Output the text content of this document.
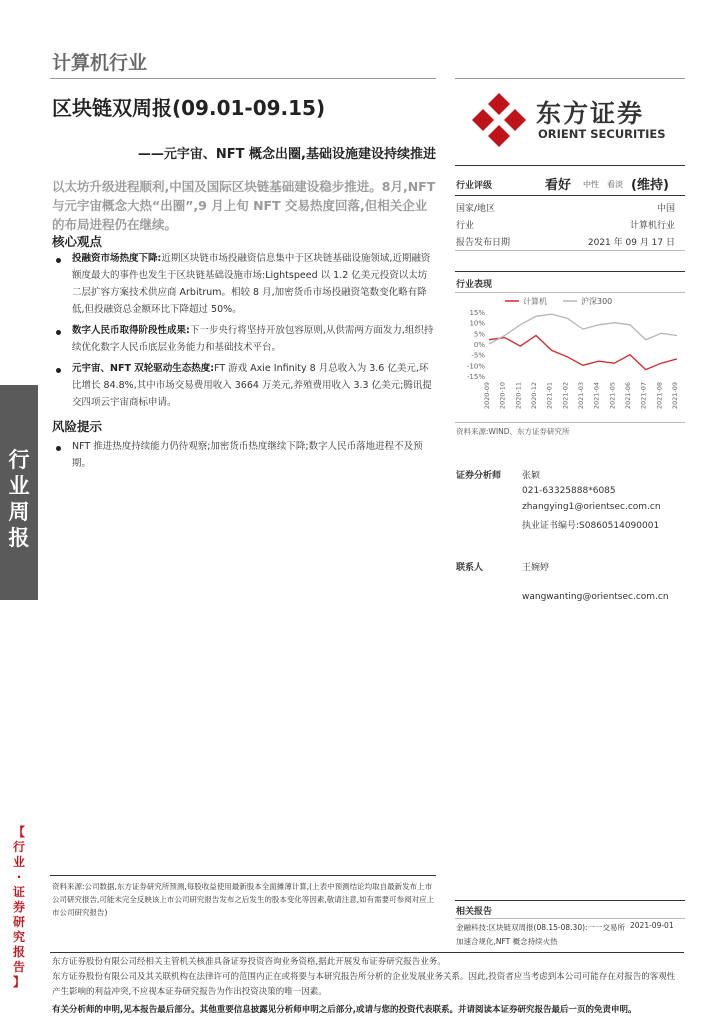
行
业
周
报
【
行
业
·
证
券
研
究
报
告
】
计算机行业
区块链双周报(09.01-09.15)
——元宇宙、NFT 概念出圈,基础设施建设持续推进
东方证券
ORIENT SECURITIES
以太坊升级进程顺利,中国及国际区块链基础建设稳步推进。8月,NFT 与元宇宙概念大热“出圈”,9 月上旬 NFT 交易热度回落,但相关企业的布局进程仍在继续。
核心观点
投融资市场热度下降:近期区块链市场投融资信息集中于区块链基础设施领域,近期融资额度最大的事件也发生于区块链基础设施市场:Lightspeed 以 1.2 亿美元投资以太坊二层扩容方案技术供应商 Arbitrum。相较 8 月,加密货币市场投融资笔数变化略有降低,但投融资总金额环比下降超过 50%。
数字人民币取得阶段性成果:下一步央行将坚持开放包容原则,从供需两方面发力,组织持续优化数字人民币底层业务能力和基础技术平台。
元宇宙、NFT 双轮驱动生态热度:FT 游戏 Axie Infinity 8 月总收入为 3.6 亿美元,环比增长 84.8%,其中市场交易费用收入 3664 万美元,养殖费用收入 3.3 亿美元;腾讯提交四项云宇宙商标申请。
风险提示
NFT 推进热度持续能力仍待观察;加密货币热度继续下降;数字人民币落地进程不及预期。
行业评级	看好 中性 看淡 (维持)
国家/地区	中国
行业	计算机行业
报告发布日期	2021 年 09 月 17 日
行业表现
计算机	沪深300
15%
10%
5%
0%
-5%
-10%
-15%
2020-09 2020-10 2020-11 2020-12 2021-01 2021-02 2021-03 2021-04 2021-05 2021-06 2021-07 2021-08 2021-09
资料来源:WIND、东方证券研究所
证券分析师 张颖
021-63325888*6085
zhangying1@orientsec.com.cn
执业证书编号:S0860514090001
联系人	王婉婷
wangwanting@orientsec.com.cn
资料来源:公司数据,东方证券研究所预测,每股收益使用最新股本全面摊薄计算,(上表中预测结论均取自最新发布上市公司研究报告,可能未完全反映该上市公司研究报告发布之后发生的股本变化等因素,敬请注意,如有需要可参阅对应上市公司研究报告)	相关报告
金融科技:区块链双周报(08.15-08.30):一一交易所加速合规化,NFT 概念持续火热
2021-09-01
东方证券股份有限公司经相关主管机关核准具备证券投资咨询业务资格,据此开展发布证券研究报告业务。
东方证券股份有限公司及其关联机构在法律许可的范围内正在或将要与本研究报告所分析的企业发展业务关系。因此,投资者应当考虑到本公司可能存在对报告的客观性产生影响的利益冲突,不应视本证券研究报告为作出投资决策的唯一因素。
有关分析师的申明,见本报告最后部分。其他重要信息披露见分析师申明之后部分,或请与您的投资代表联系。并请阅读本证券研究报告最后一页的免责申明。
